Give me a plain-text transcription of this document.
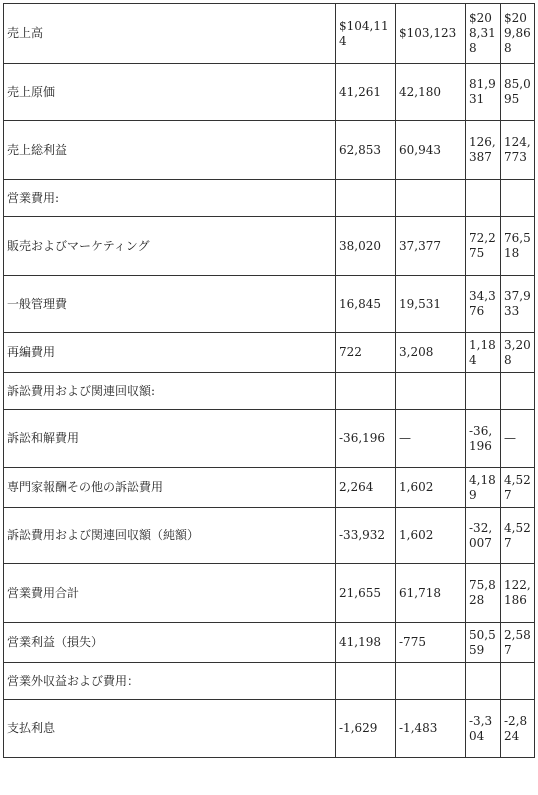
売上高	$104,114	$103,123	$208,318	$209,868
売上原価	41,261	42,180	81,931	85,095
売上総利益	62,853	60,943	126,387	124,773
営業費用:				
販売およびマーケティング	38,020	37,377	72,275	76,518
一般管理費	16,845	19,531	34,376	37,933
再編費用	722	3,208	1,184	3,208
訴訟費用および関連回収額:				
訴訟和解費用	-36,196	—	-36,196	—
専門家報酬その他の訴訟費用	2,264	1,602	4,189	4,527
訴訟費用および関連回収額（純額）	-33,932	1,602	-32,007	4,527
営業費用合計	21,655	61,718	75,828	122,186
営業利益（損失）	41,198	-775	50,559	2,587
営業外収益および費用：				
支払利息	-1,629	-1,483	-3,304	-2,824
